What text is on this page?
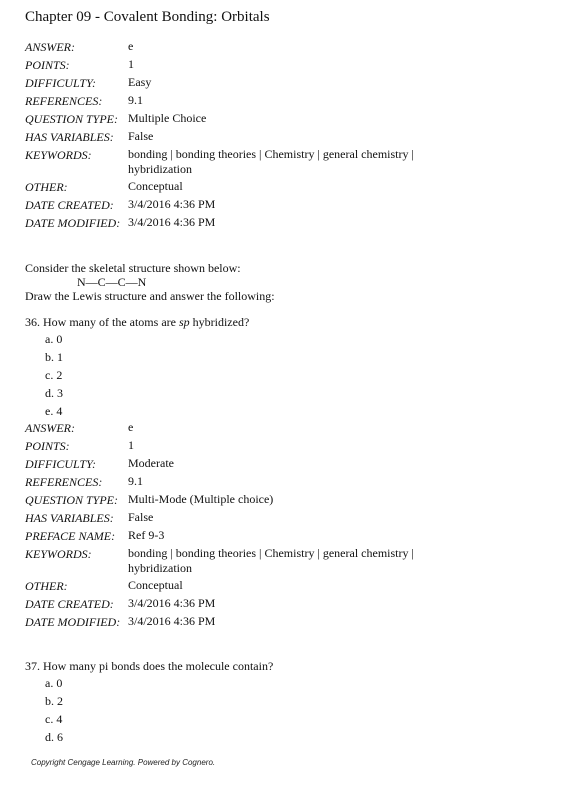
Chapter 09 - Covalent Bonding: Orbitals
ANSWER:	e
POINTS:	1
DIFFICULTY:	Easy
REFERENCES: 9.1
QUESTION TYPE: Multiple Choice
HAS VARIABLES: False
KEYWORDS:	bonding | bonding theories | Chemistry | general chemistry | hybridization
OTHER:	Conceptual
DATE CREATED: 3/4/2016 4:36 PM
DATE MODIFIED: 3/4/2016 4:36 PM
Consider the skeletal structure shown below:
N—C—C—N
Draw the Lewis structure and answer the following:
36. How many of the atoms are sp hybridized?
a. 0
b. 1
c. 2
d. 3
e. 4
ANSWER:	e
POINTS:	1
DIFFICULTY:	Moderate
REFERENCES: 9.1
QUESTION TYPE: Multi-Mode (Multiple choice)
HAS VARIABLES: False
PREFACE NAME: Ref 9-3
KEYWORDS:	bonding | bonding theories | Chemistry | general chemistry | hybridization
OTHER:	Conceptual
DATE CREATED: 3/4/2016 4:36 PM
DATE MODIFIED: 3/4/2016 4:36 PM
37. How many pi bonds does the molecule contain?
a. 0
b. 2
c. 4
d. 6
Copyright Cengage Learning. Powered by Cognero.
